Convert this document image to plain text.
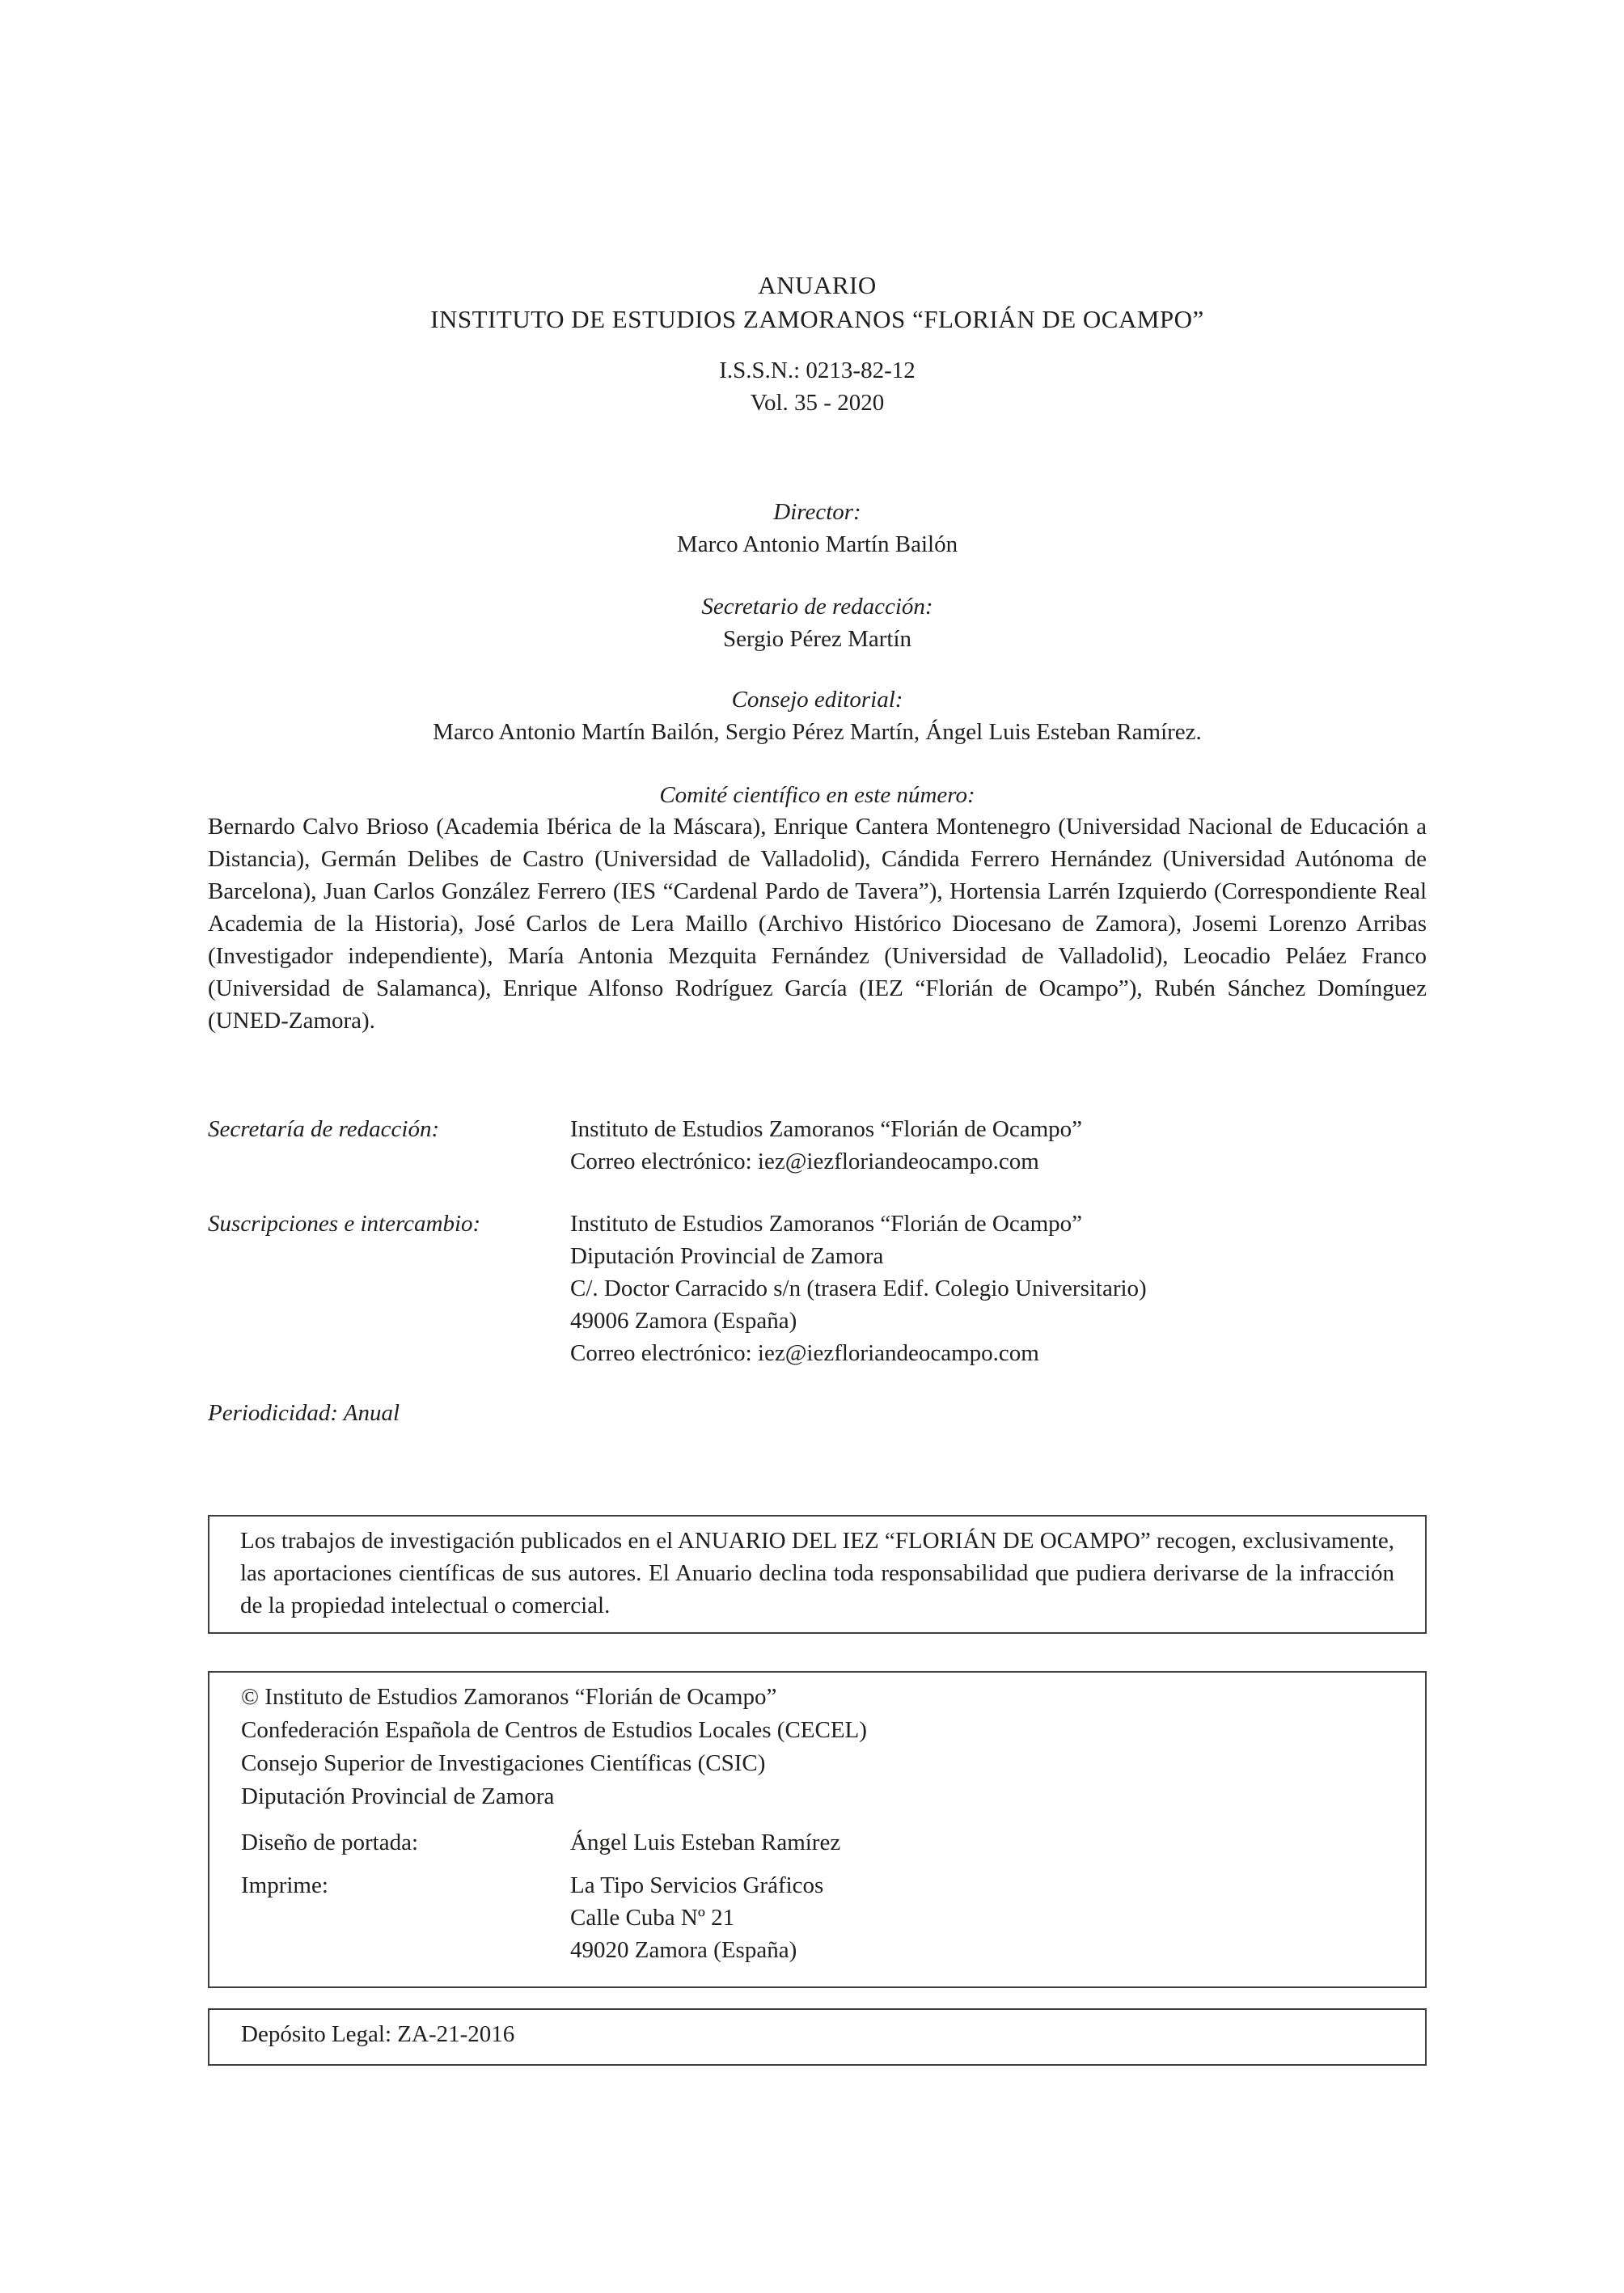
ANUARIO
INSTITUTO DE ESTUDIOS ZAMORANOS “FLORIÁN DE OCAMPO”
I.S.S.N.: 0213-82-12
Vol. 35 - 2020
Director:
Marco Antonio Martín Bailón
Secretario de redacción:
Sergio Pérez Martín
Consejo editorial:
Marco Antonio Martín Bailón, Sergio Pérez Martín, Ángel Luis Esteban Ramírez.
Comité científico en este número:
Bernardo Calvo Brioso (Academia Ibérica de la Máscara), Enrique Cantera Montenegro (Universidad Nacional de Educación a Distancia), Germán Delibes de Castro (Universidad de Valladolid), Cándida Ferrero Hernández (Universidad Autónoma de Barcelona), Juan Carlos González Ferrero (IES “Cardenal Pardo de Tavera”), Hortensia Larrén Izquierdo (Correspondiente Real Academia de la Historia), José Carlos de Lera Maillo (Archivo Histórico Diocesano de Zamora), Josemi Lorenzo Arribas (Investigador independiente), María Antonia Mezquita Fernández (Universidad de Valladolid), Leocadio Peláez Franco (Universidad de Salamanca), Enrique Alfonso Rodríguez García (IEZ “Florián de Ocampo”), Rubén Sánchez Domínguez (UNED-Zamora).
Secretaría de redacción:	Instituto de Estudios Zamoranos “Florián de Ocampo”
Correo electrónico: iez@iezfloriandeocampo.com
Suscripciones e intercambio:	Instituto de Estudios Zamoranos “Florián de Ocampo”
Diputación Provincial de Zamora
C/. Doctor Carracido s/n (trasera Edif. Colegio Universitario)
49006 Zamora (España)
Correo electrónico: iez@iezfloriandeocampo.com
Periodicidad: Anual
Los trabajos de investigación publicados en el ANUARIO DEL IEZ “FLORIÁN DE OCAMPO” recogen, exclusivamente, las aportaciones científicas de sus autores. El Anuario declina toda responsabilidad que pudiera derivarse de la infracción de la propiedad intelectual o comercial.
© Instituto de Estudios Zamoranos “Florián de Ocampo”
Confederación Española de Centros de Estudios Locales (CECEL)
Consejo Superior de Investigaciones Científicas (CSIC)
Diputación Provincial de Zamora
Diseño de portada:	Ángel Luis Esteban Ramírez
Imprime:	La Tipo Servicios Gráficos
Calle Cuba Nº 21
49020 Zamora (España)
Depósito Legal: ZA-21-2016
